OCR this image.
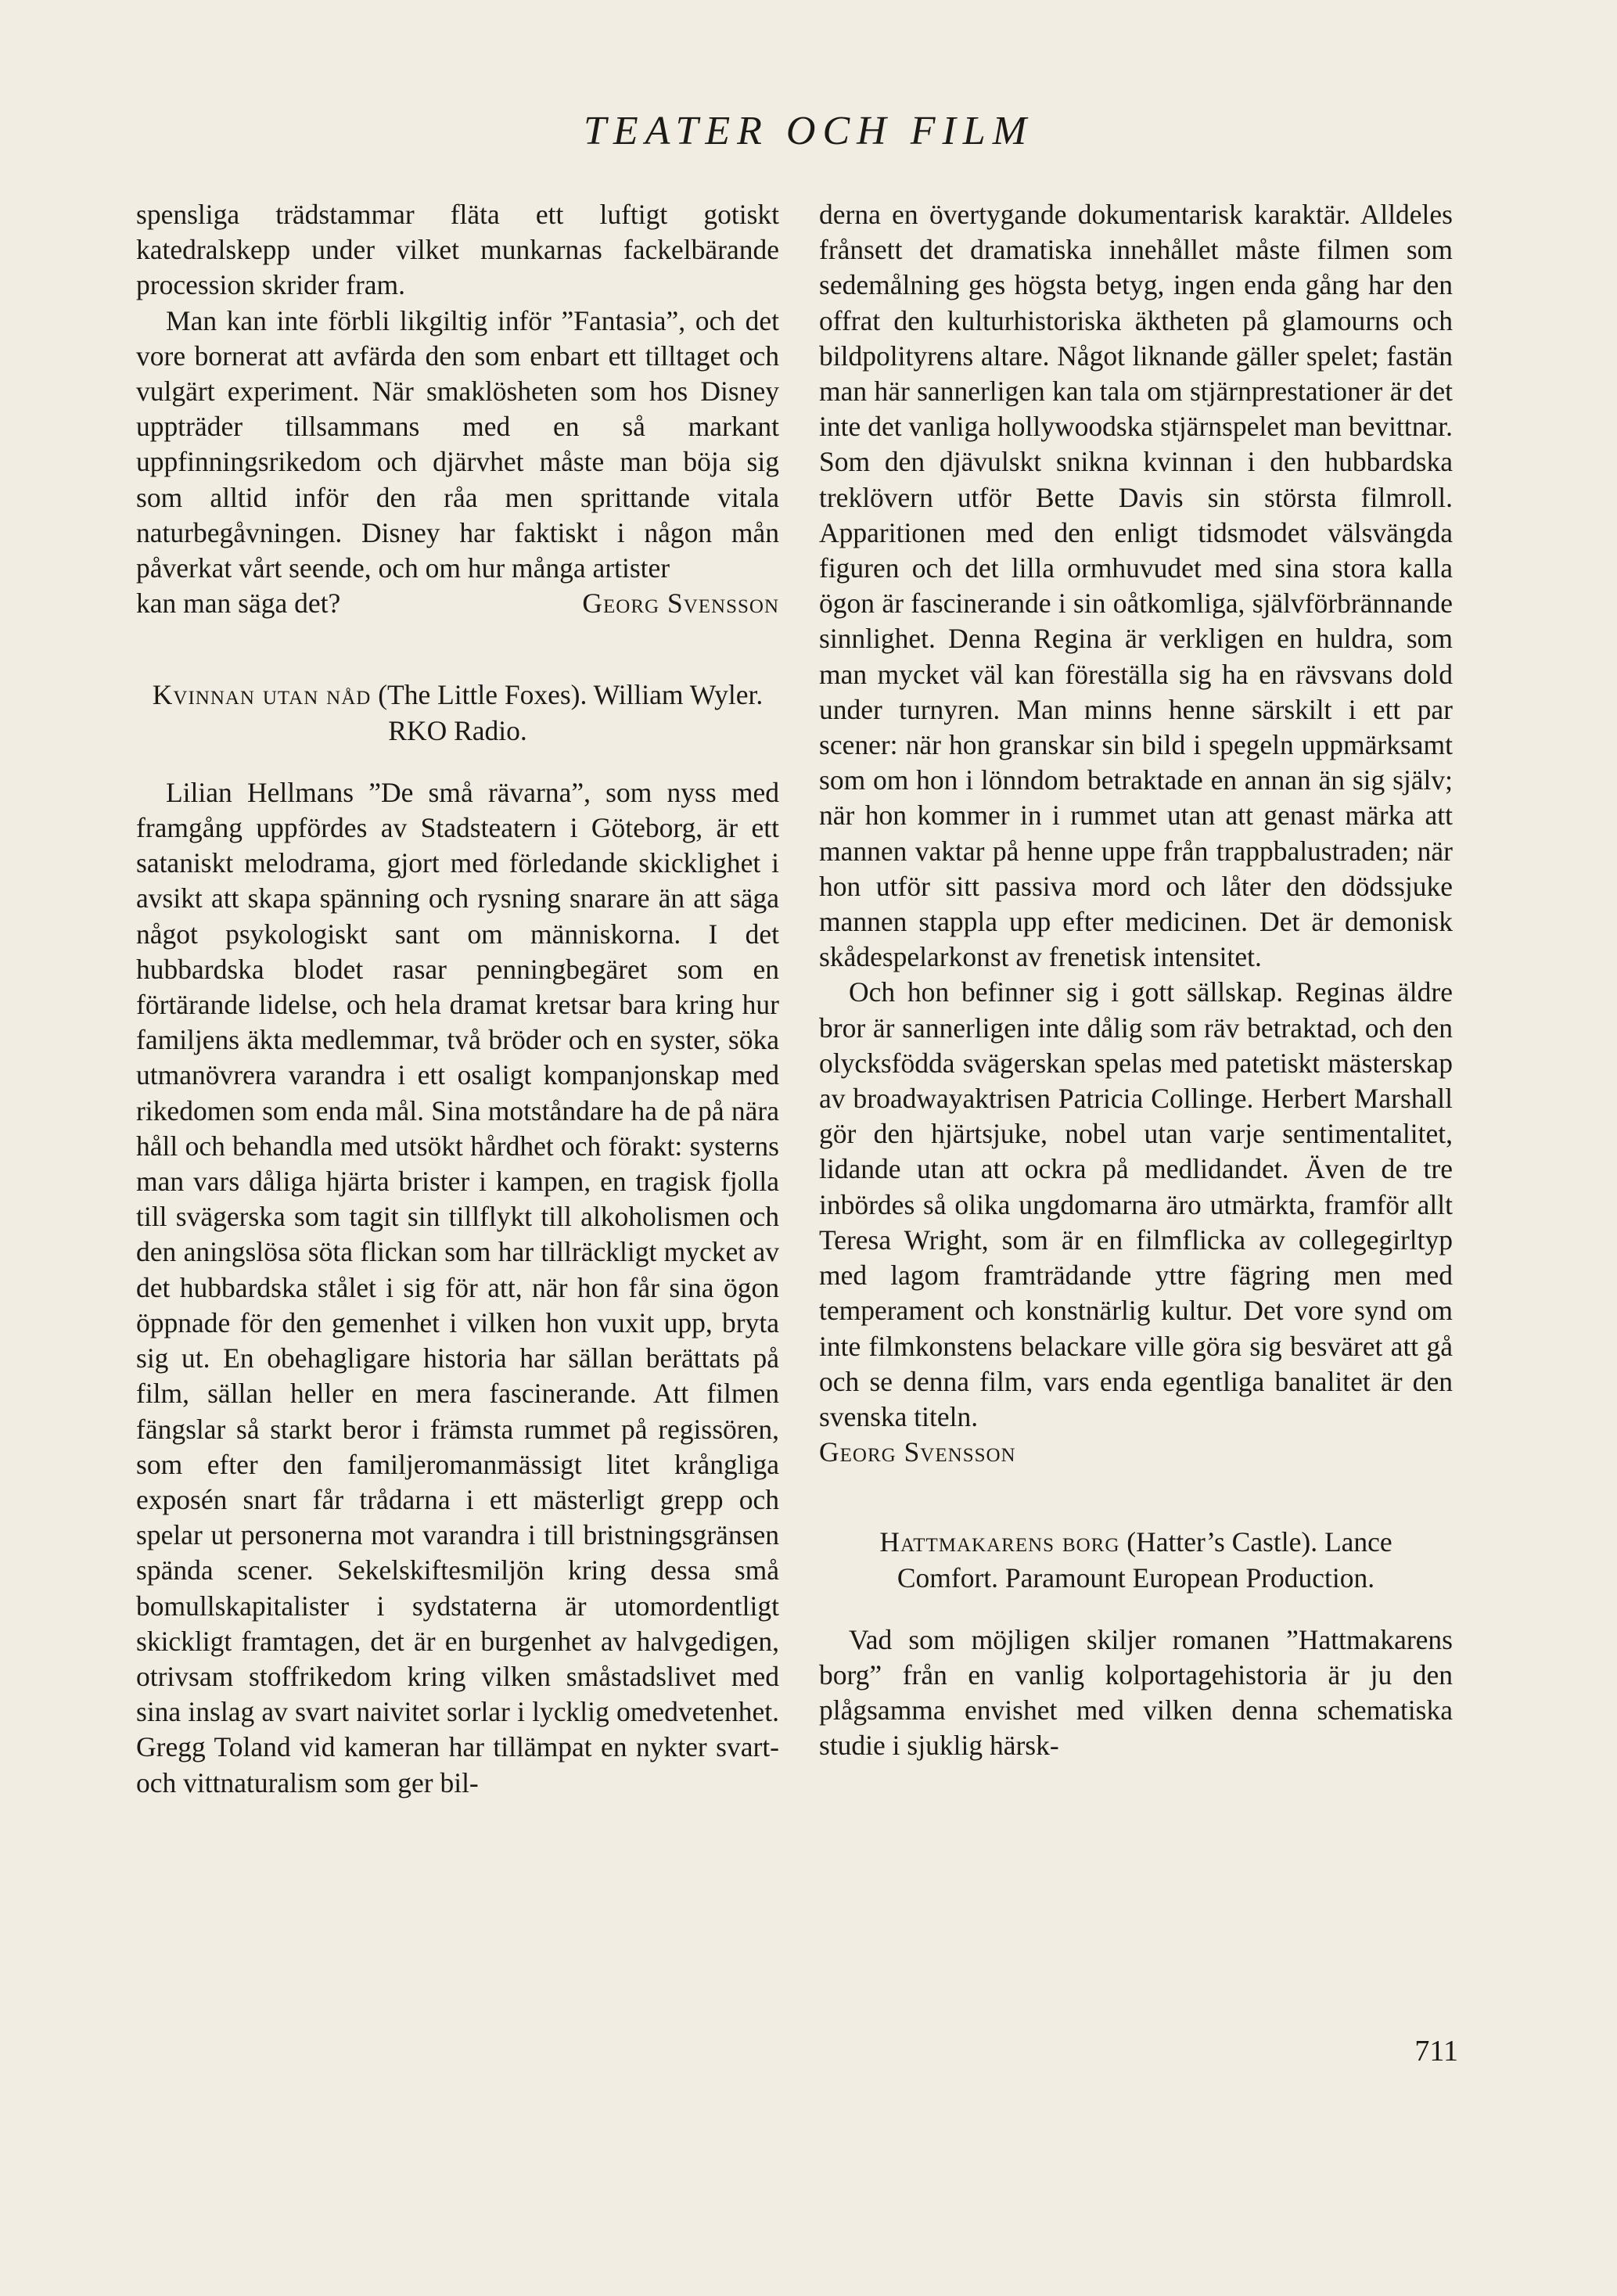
TEATER OCH FILM

spensliga trädstammar fläta ett luftigt gotiskt katedralskepp under vilket munkarnas fackelbärande procession skrider fram.

Man kan inte förbli likgiltig inför ”Fantasia”, och det vore bornerat att avfärda den som enbart ett tilltaget och vulgärt experiment. När smaklösheten som hos Disney uppträder tillsammans med en så markant uppfinningsrikedom och djärvhet måste man böja sig som alltid inför den råa men sprittande vitala naturbegåvningen. Disney har faktiskt i någon mån påverkat vårt seende, och om hur många artister

kan man säga det?	Georg Svensson
Kvinnan utan nåd (The Little Foxes). William Wyler. RKO Radio.

Lilian Hellmans ”De små rävarna”, som nyss med framgång uppfördes av Stadsteatern i Göteborg, är ett sataniskt melodrama, gjort med förledande skicklighet i avsikt att skapa spänning och rysning snarare än att säga något psykologiskt sant om människorna. I det hubbardska blodet rasar penningbegäret som en förtärande lidelse, och hela dramat kretsar bara kring hur familjens äkta medlemmar, två bröder och en syster, söka utmanövrera varandra i ett osaligt kompanjonskap med rikedomen som enda mål. Sina motståndare ha de på nära håll och behandla med utsökt hårdhet och förakt: systerns man vars dåliga hjärta brister i kampen, en tragisk fjolla till svägerska som tagit sin tillflykt till alkoholismen och den aningslösa söta flickan som har tillräckligt mycket av det hubbardska stålet i sig för att, när hon får sina ögon öppnade för den gemenhet i vilken hon vuxit upp, bryta sig ut. En obehagligare historia har sällan berättats på film, sällan heller en mera fascinerande. Att filmen fängslar så starkt beror i främsta rummet på regissören, som efter den familjeromanmässigt litet krångliga exposén snart får trådarna i ett mästerligt grepp och spelar ut personerna mot varandra i till bristningsgränsen spända scener. Sekelskiftesmiljön kring dessa små bomullskapitalister i sydstaterna är utomordentligt skickligt framtagen, det är en burgenhet av halvgedigen, otrivsam stoffrikedom kring vilken småstadslivet med sina inslag av svart naivitet sorlar i lycklig omedvetenhet. Gregg Toland vid kameran har tillämpat en nykter svart- och vittnaturalism som ger bil-

derna en övertygande dokumentarisk karaktär. Alldeles frånsett det dramatiska innehållet måste filmen som sedemålning ges högsta betyg, ingen enda gång har den offrat den kulturhistoriska äktheten på glamourns och bildpolityrens altare. Något liknande gäller spelet; fastän man här sannerligen kan tala om stjärnprestationer är det inte det vanliga hollywoodska stjärnspelet man bevittnar. Som den djävulskt snikna kvinnan i den hubbardska treklövern utför Bette Davis sin största filmroll. Apparitionen med den enligt tidsmodet välsvängda figuren och det lilla ormhuvudet med sina stora kalla ögon är fascinerande i sin oåtkomliga, självförbrännande sinnlighet. Denna Regina är verkligen en huldra, som man mycket väl kan föreställa sig ha en rävsvans dold under turnyren. Man minns henne särskilt i ett par scener: när hon granskar sin bild i spegeln uppmärksamt som om hon i lönndom betraktade en annan än sig själv; när hon kommer in i rummet utan att genast märka att mannen vaktar på henne uppe från trappbalustraden; när hon utför sitt passiva mord och låter den dödssjuke mannen stappla upp efter medicinen. Det är demonisk skådespelarkonst av frenetisk intensitet.

Och hon befinner sig i gott sällskap. Reginas äldre bror är sannerligen inte dålig som räv betraktad, och den olycksfödda svägerskan spelas med patetiskt mästerskap av broadwayaktrisen Patricia Collinge. Herbert Marshall gör den hjärtsjuke, nobel utan varje sentimentalitet, lidande utan att ockra på medlidandet. Även de tre inbördes så olika ungdomarna äro utmärkta, framför allt Teresa Wright, som är en filmflicka av collegegirltyp med lagom framträdande yttre fägring men med temperament och konstnärlig kultur. Det vore synd om inte filmkonstens belackare ville göra sig besväret att gå och se denna film, vars enda egentliga banalitet är den svenska titeln.

Georg Svensson

Hattmakarens borg (Hatter’s Castle). Lance Comfort. Paramount European Production.

Vad som möjligen skiljer romanen ”Hattmakarens borg” från en vanlig kolportagehistoria är ju den plågsamma envishet med vilken denna schematiska studie i sjuklig härsk-

711
